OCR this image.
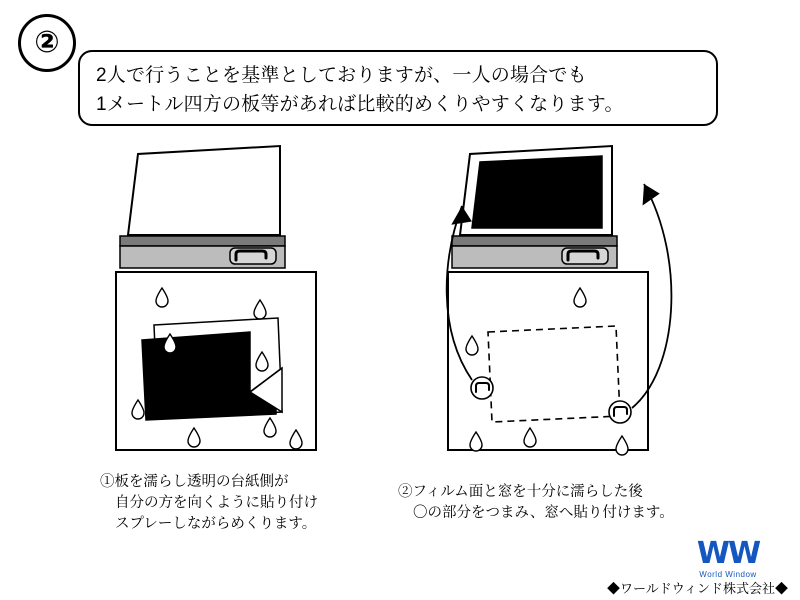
②
2人で行うことを基準としておりますが、一人の場合でも
1メートル四方の板等があれば比較的めくりやすくなります。
①板を濡らし透明の台紙側が
自分の方を向くように貼り付け
スプレーしながらめくります。
②フィルム面と窓を十分に濡らした後
〇の部分をつまみ、窓へ貼り付けます。
WW
World Window
◆ワールドウィンド株式会社◆
